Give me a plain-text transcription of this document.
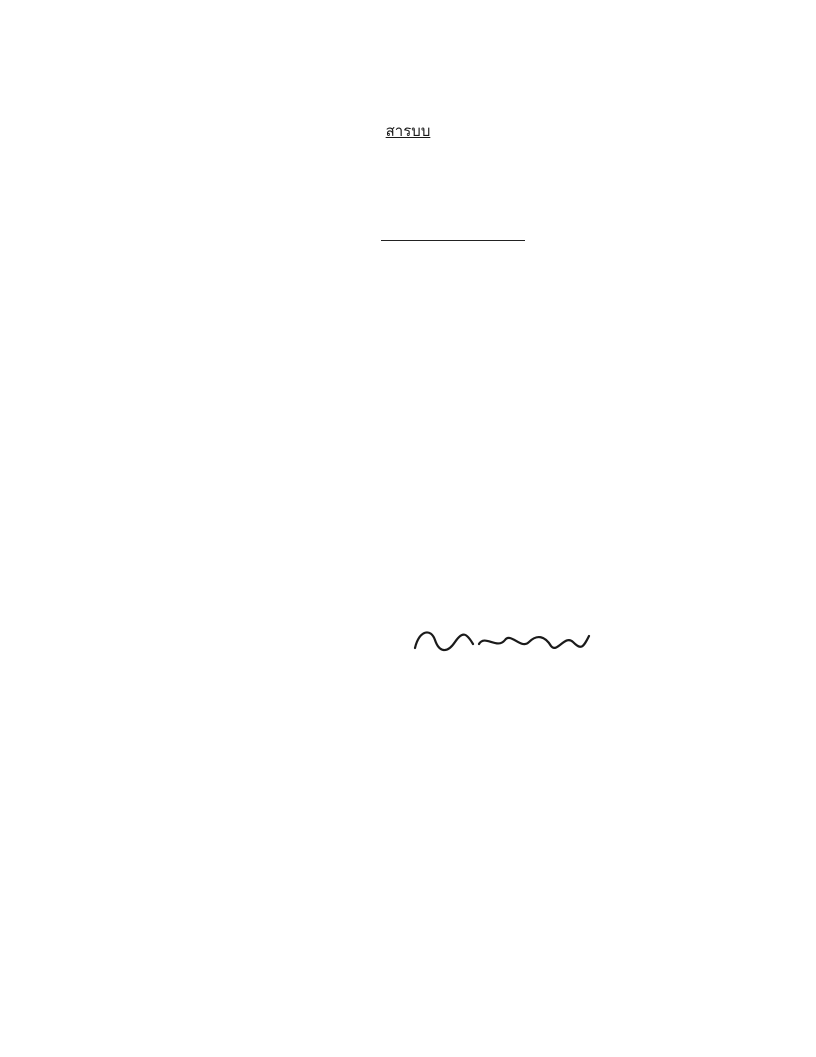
สารบบ
